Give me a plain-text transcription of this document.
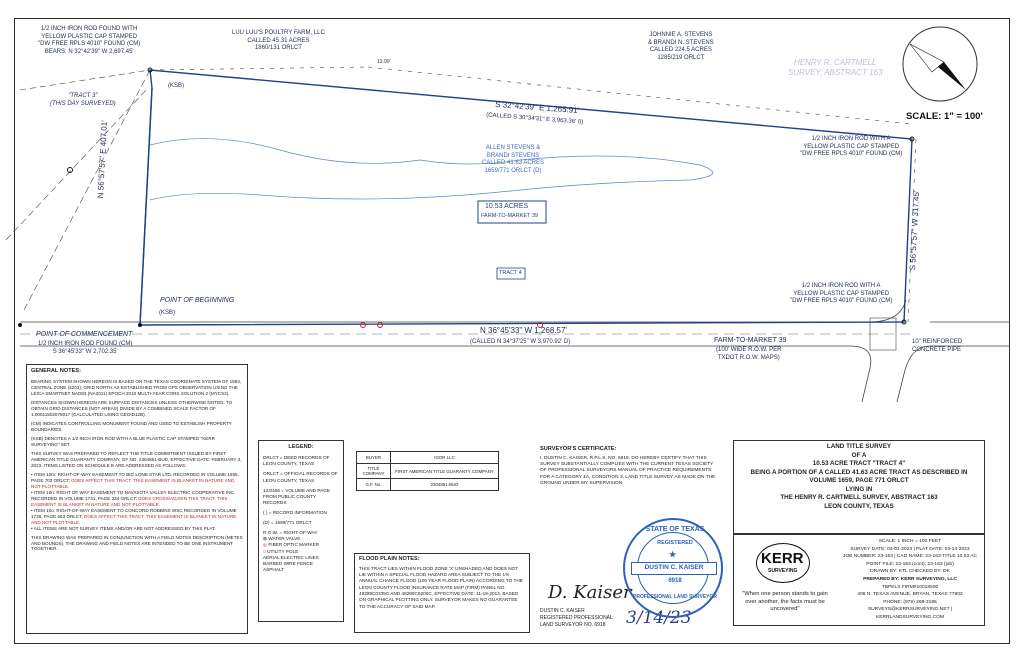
1/2 INCH IRON ROD FOUND WITH
YELLOW PLASTIC CAP STAMPED
"DW FREE RPLS 4010" FOUND (CM)
BEARS: N 32°42'39" W 2,697.45'
"TRACT 3"
(THIS DAY SURVEYED)
(KSB)
LUU LUU'S POULTRY FARM, LLC
CALLED 45.31 ACRES
1860/131 ORLCT
JOHNNIE A. STEVENS
& BRANDI N. STEVENS
CALLED 224.5 ACRES
1285/219 ORLCT
HENRY R. CARTMELL
SURVEY, ABSTRACT 163
SCALE: 1" = 100'
13.90'
S 32°42'39" E 1,265.91'
(CALLED S 30°34'31" E 3,963.36' 0)
1/2 INCH IRON ROD WITH A
YELLOW PLASTIC CAP STAMPED
"DW FREE RPLS 4010" FOUND (CM)
ALLEN STEVENS &
BRANDI STEVENS
CALLED 41.63 ACRES
1659/771 ORLCT (D)
10.53 ACRES
FARM-TO-MARKET 39
N 56°57'57" E 407.01'
S 56°57'57" W 317.45'
TRACT 4
1/2 INCH IRON ROD WITH A
YELLOW PLASTIC CAP STAMPED
"DW FREE RPLS 4010" FOUND (CM)
POINT OF BEGINNING
(KSB)
POINT OF COMMENCEMENT
1/2 INCH IRON ROD FOUND (CM)
S 36°45'33" W 2,702.35'
N 36°45'33" W 1,268.57'
(CALLED N 34°37'25" W 3,970.92' D)	FARM-TO-MARKET 39
(100' WIDE R.O.W. PER
TXDOT R.O.W. MAPS)
10" REINFORCED
CONCRETE PIPE
GENERAL NOTES:

BEARING SYSTEM SHOWN HEREON IS BASED ON THE TEXAS COORDINATE SYSTEM OF 1983, CENTRAL ZONE (4203), GRID NORTH AS ESTABLISHED FROM GPS OBSERVATION USING THE LEICA SMARTNET NAD83 (NA2011) EPOCH 2010 MULTI-YEAR CORS SOLUTION 2 (MYCS2).

DISTANCES SHOWN HEREON ARE SURFACE DISTANCES UNLESS OTHERWISE NOTED. TO OBTAIN GRID DISTANCES (NOT AREAS) DIVIDE BY A COMBINED SCALE FACTOR OF 1.00011502078017 (CALCULATED USING GEOID12B).

(CM) INDICATES CONTROLLING MONUMENT FOUND AND USED TO ESTABLISH PROPERTY BOUNDARIES.

(KSB) DENOTES A 1/2 INCH IRON ROD WITH A BLUE PLASTIC CAP STAMPED "KERR SURVEYING" SET.

THIS SURVEY WAS PREPARED TO REFLECT THE TITLE COMMITMENT ISSUED BY FIRST AMERICAN TITLE GUARANTY COMPANY, GF NO. 2304851-BUD, EFFECTIVE DATE: FEBRUARY 3, 2023. ITEMS LISTED ON SCHEDULE B ARE ADDRESSED AS FOLLOWS:

• ITEM 10m: RIGHT-OF-WAY EASEMENT TO BIG LONE STAR LTD. RECORDED IN VOLUME 1555, PAGE 703 ORLCT; DOES AFFECT THIS TRACT. THIS EASEMENT IS BLANKET IN NATURE AND NOT PLOTTABLE.
• ITEM 10n: RIGHT OF WAY EASEMENT TO NAVASOTA VALLEY ELECTRIC COOPERATIVE INC. RECORDED IN VOLUME 1731, PAGE 234 ORLCT; DOES CROSS/ADJOIN THIS TRACT. THIS EASEMENT IS BLANKET IN NATURE AND NOT PLOTTABLE.
• ITEM 10o: RIGHT-OF-WAY EASEMENT TO CONCORD ROBBINS WSC RECORDED IN VOLUME 1726, PAGE 653 ORLCT; DOES AFFECT THIS TRACT. THIS EASEMENT IS BLANKET IN NATURE AND NOT PLOTTABLE.
• ALL ITEMS ARE NOT SURVEY ITEMS AND/OR ARE NOT ADDRESSED BY THIS PLAT.

THIS DRAWING WAS PREPARED IN CONJUNCTION WITH A FIELD NOTES DESCRIPTION (METES AND BOUNDS). THE DRAWING AND FIELD NOTES ARE INTENDED TO BE ONE INSTRUMENT TOGETHER.

LEGEND:
DRLCT = DEED RECORDS OF LEON COUNTY, TEXAS
ORLCT = OFFICIAL RECORDS OF LEON COUNTY, TEXAS
123/456 = VOLUME AND PAGE FROM PUBLIC COUNTY RECORDS
( ) = RECORD INFORMATION
(D) = 1659/771 ORLCT
R.O.W. = RIGHT-OF-WAY
⊠ WATER VALVE
◎ FIBER OPTIC MARKER
○ UTILITY POLE
AERIAL ELECTRIC LINES
BARBED WIRE FENCE
ASPHALT
BUYER	IGOR LLC
TITLE COMPANY	FIRST AMERICAN TITLE GUARANTY COMPANY
G.F. No.	2304851-BUD
FLOOD PLAIN NOTES:
THIS TRACT LIES WITHIN FLOOD ZONE 'X' UNSHADED AND DOES NOT LIE WITHIN A SPECIAL FLOOD HAZARD AREA SUBJECT TO THE 1% ANNUAL CHANCE FLOOD (100 YEAR FLOOD PLAIN) ACCORDING TO THE LEON COUNTY FLOOD INSURANCE RATE MAP (FIRM) PANEL NO. 48289C0335C AND 48289C0200C, EFFECTIVE DATE: 11-19-2013, BASED ON GRAPHICAL PLOTTING ONLY. SURVEYOR MAKES NO GUARANTEE TO THE ACCURACY OF SAID MAP.
SURVEYOR'S CERTIFICATE:
I, DUSTIN C. KAISER, R.P.L.S. NO. 6918, DO HEREBY CERTIFY THAT THIS SURVEY SUBSTANTIALLY COMPLIES WITH THE CURRENT TEXAS SOCIETY OF PROFESSIONAL SURVEYORS MANUAL OF PRACTICE REQUIREMENTS FOR A CATEGORY 1A, CONDITION 3, LAND TITLE SURVEY AS MADE ON THE GROUND UNDER MY SUPERVISION.
D. Kaiser
DUSTIN C. KAISER
REGISTERED PROFESSIONAL
LAND SURVEYOR NO. 6918 3/14/23
STATE OF TEXAS
REGISTERED
★
DUSTIN C. KAISER
6918
PROFESSIONAL LAND SURVEYOR
LAND TITLE SURVEY
OF A
10.53 ACRE TRACT "TRACT 4"
BEING A PORTION OF A CALLED 41.63 ACRE TRACT AS DESCRIBED IN
VOLUME 1659, PAGE 771 ORLCT
LYING IN
THE HENRY R. CARTMELL SURVEY, ABSTRACT 163
LEON COUNTY, TEXAS
KERR
SURVEYING
"When one person stands to gain over another, the facts must be uncovered"
SCALE: 1 INCH = 100 FEET
SURVEY DATE: 03-01-2023 | PLAT DATE: 03-14-2023
JOB NUMBER: 23-163 | CAD NAME: 23-163-TITLE 10.53 AC
POINT FILE: 23-163 (cont); 23-163 (job)
DRAWN BY: KTL CHECKED BY: DK
PREPARED BY: KERR SURVEYING, LLC
TBPELS FIRM#10018500
409 N. TEXAS AVENUE, BRYAN, TEXAS 77803
PHONE: (979) 268-3195
SURVEYS@KERRSURVEYING.NET | KERRLANDSURVEYING.COM
